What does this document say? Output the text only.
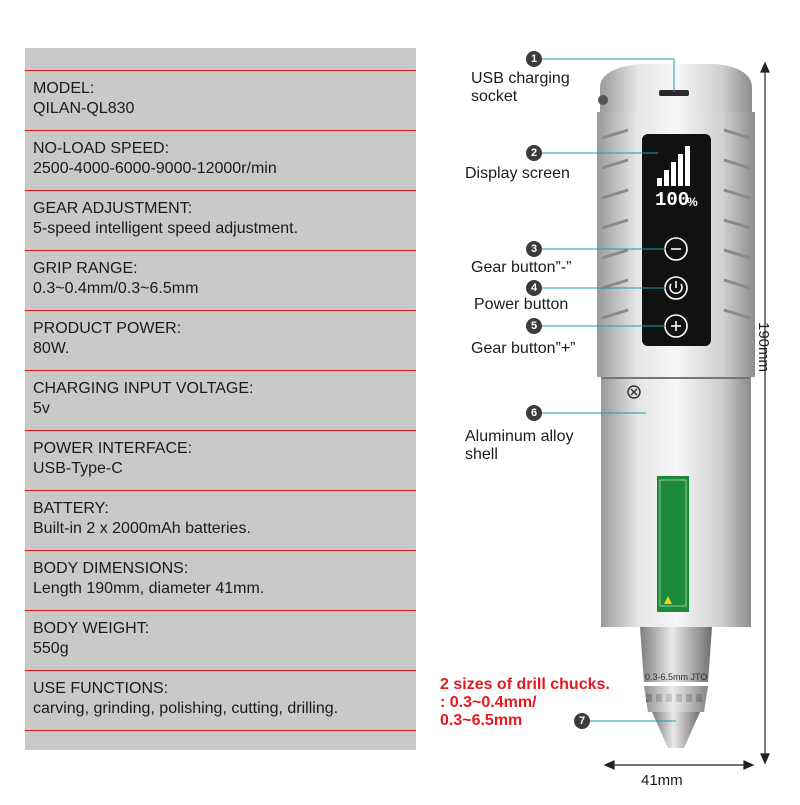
MODEL:
QILAN-QL830
NO-LOAD SPEED:
2500-4000-6000-9000-12000r/min
GEAR ADJUSTMENT:
5-speed intelligent speed adjustment.
GRIP RANGE:
0.3~0.4mm/0.3~6.5mm
PRODUCT POWER:
80W.
CHARGING INPUT VOLTAGE:
5v
POWER INTERFACE:
USB-Type-C
BATTERY:
Built-in 2 x 2000mAh batteries.
BODY DIMENSIONS:
Length 190mm, diameter 41mm.
BODY WEIGHT:
550g
USE FUNCTIONS:
carving, grinding, polishing, cutting, drilling.
100
%
0.3-6.5mm JTO
1
USB charging
socket
2
Display screen
3
Gear button”-”
4
Power button
5
Gear button”+”
6
Aluminum alloy
shell
7
2 sizes of drill chucks.
: 0.3~0.4mm/
0.3~6.5mm
190mm
41mm
